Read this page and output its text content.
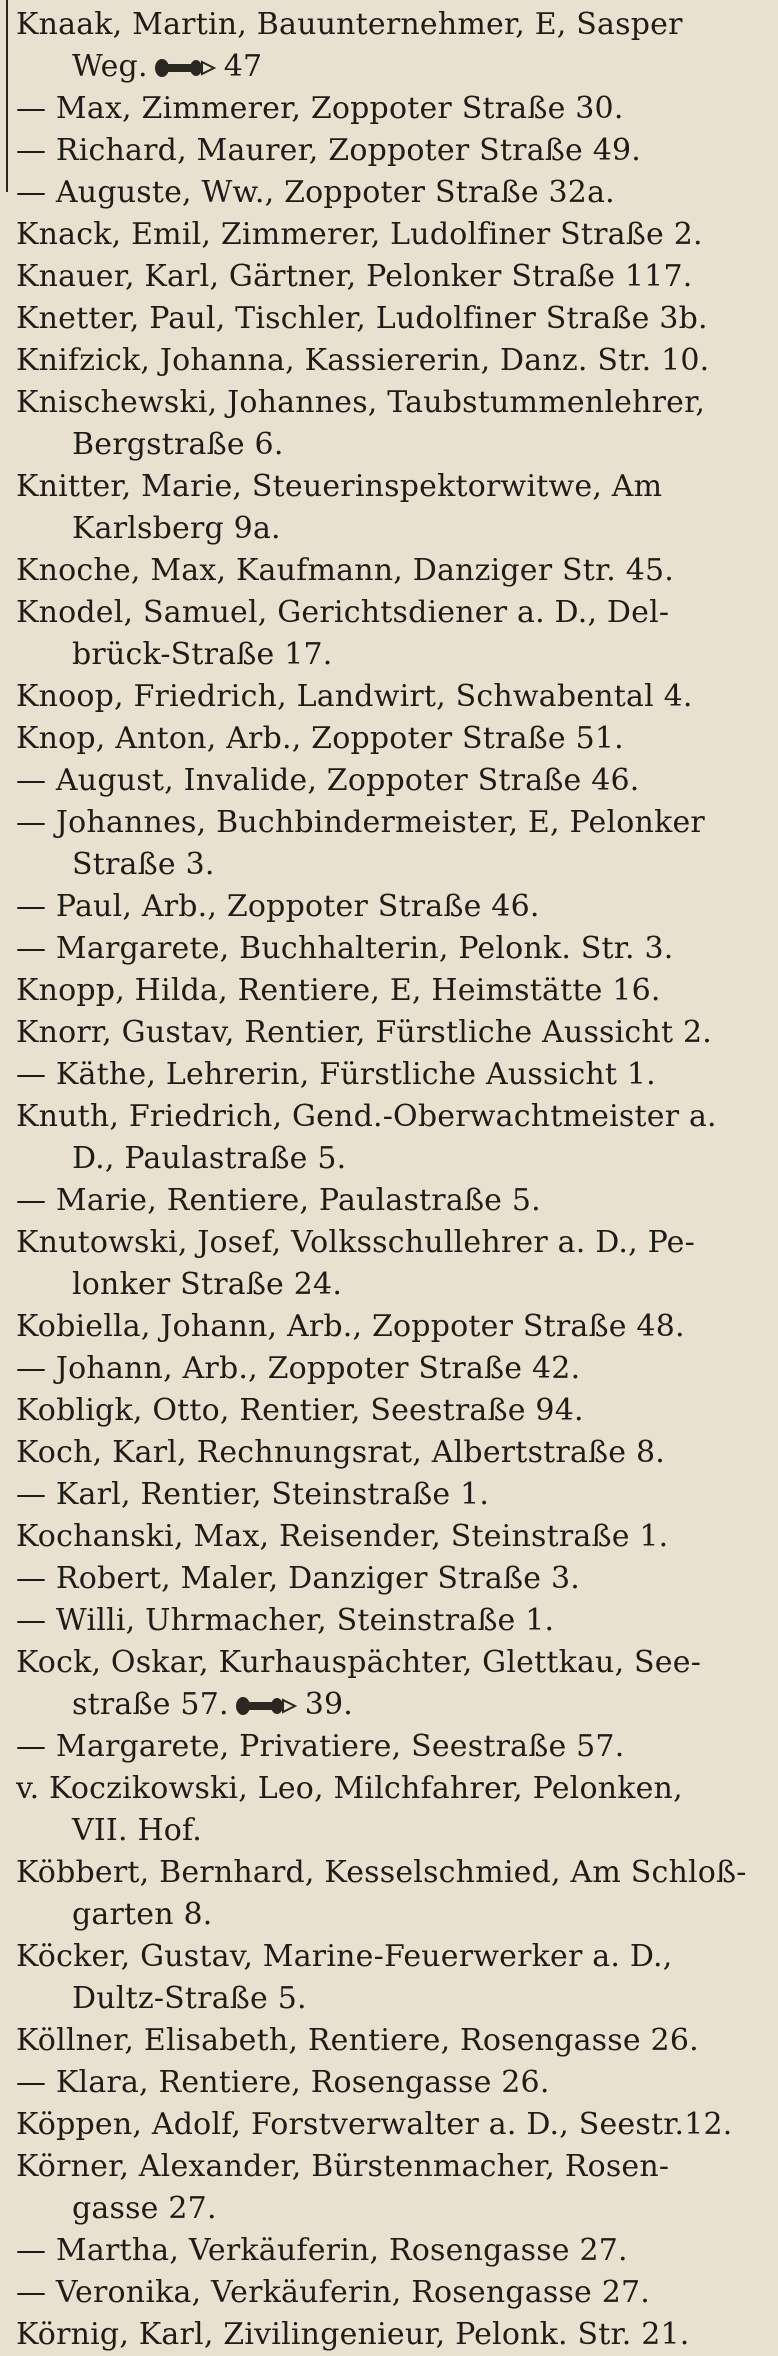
Knaak, Martin, Bauunternehmer, E, Sasper
Weg.	47
— Max, Zimmerer, Zoppoter Straße 30.
— Richard, Maurer, Zoppoter Straße 49.
— Auguste, Ww., Zoppoter Straße 32a.
Knack, Emil, Zimmerer, Ludolfiner Straße 2.
Knauer, Karl, Gärtner, Pelonker Straße 117.
Knetter, Paul, Tischler, Ludolfiner Straße 3b.
Knifzick, Johanna, Kassiererin, Danz. Str. 10.
Knischewski, Johannes, Taubstummenlehrer,
Bergstraße 6.
Knitter, Marie, Steuerinspektorwitwe, Am
Karlsberg 9a.
Knoche, Max, Kaufmann, Danziger Str. 45.
Knodel, Samuel, Gerichtsdiener a. D., Del-
brück-Straße 17.
Knoop, Friedrich, Landwirt, Schwabental 4.
Knop, Anton, Arb., Zoppoter Straße 51.
— August, Invalide, Zoppoter Straße 46.
— Johannes, Buchbindermeister, E, Pelonker
Straße 3.
— Paul, Arb., Zoppoter Straße 46.
— Margarete, Buchhalterin, Pelonk. Str. 3.
Knopp, Hilda, Rentiere, E, Heimstätte 16.
Knorr, Gustav, Rentier, Fürstliche Aussicht 2.
— Käthe, Lehrerin, Fürstliche Aussicht 1.
Knuth, Friedrich, Gend.-Oberwachtmeister a.
D., Paulastraße 5.
— Marie, Rentiere, Paulastraße 5.
Knutowski, Josef, Volksschullehrer a. D., Pe-
lonker Straße 24.
Kobiella, Johann, Arb., Zoppoter Straße 48.
— Johann, Arb., Zoppoter Straße 42.
Kobligk, Otto, Rentier, Seestraße 94.
Koch, Karl, Rechnungsrat, Albertstraße 8.
— Karl, Rentier, Steinstraße 1.
Kochanski, Max, Reisender, Steinstraße 1.
— Robert, Maler, Danziger Straße 3.
— Willi, Uhrmacher, Steinstraße 1.
Kock, Oskar, Kurhauspächter, Glettkau, See-
straße 57.	39.
— Margarete, Privatiere, Seestraße 57.
v. Koczikowski, Leo, Milchfahrer, Pelonken,
VII. Hof.
Köbbert, Bernhard, Kesselschmied, Am Schloß-
garten 8.
Köcker, Gustav, Marine-Feuerwerker a. D.,
Dultz-Straße 5.
Köllner, Elisabeth, Rentiere, Rosengasse 26.
— Klara, Rentiere, Rosengasse 26.
Köppen, Adolf, Forstverwalter a. D., Seestr.12.
Körner, Alexander, Bürstenmacher, Rosen-
gasse 27.
— Martha, Verkäuferin, Rosengasse 27.
— Veronika, Verkäuferin, Rosengasse 27.
Körnig, Karl, Zivilingenieur, Pelonk. Str. 21.
